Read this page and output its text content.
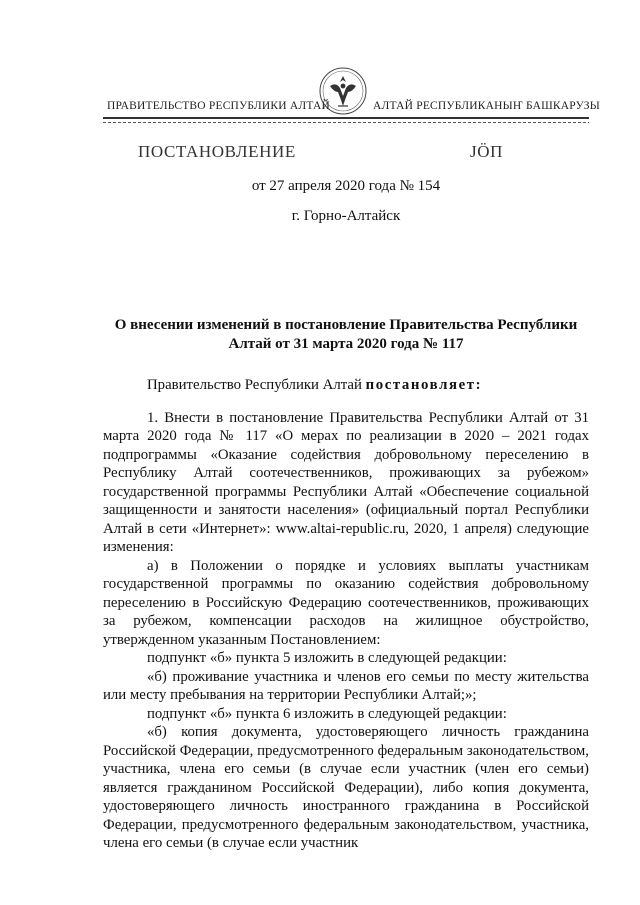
ПРАВИТЕЛЬСТВО РЕСПУБЛИКИ АЛТАЙ	АЛТАЙ РЕСПУБЛИКАНЫҤ БАШКАРУЗЫ
ПОСТАНОВЛЕНИЕ	ЈӦП
от 27 апреля 2020 года № 154
г. Горно-Алтайск
О внесении изменений в постановление Правительства Республики
Алтай от 31 марта 2020 года № 117

Правительство Республики Алтай постановляет:

1. Внести в постановление Правительства Республики Алтай от 31 марта 2020 года № 117 «О мерах по реализации в 2020 – 2021 годах подпрограммы «Оказание содействия добровольному переселению в Республику Алтай соотечественников, проживающих за рубежом» государственной программы Республики Алтай «Обеспечение социальной защищенности и занятости населения» (официальный портал Республики Алтай в сети «Интернет»: www.altai-republic.ru, 2020, 1 апреля) следующие изменения:

а) в Положении о порядке и условиях выплаты участникам государственной программы по оказанию содействия добровольному переселению в Российскую Федерацию соотечественников, проживающих за рубежом, компенсации расходов на жилищное обустройство, утвержденном указанным Постановлением:

подпункт «б» пункта 5 изложить в следующей редакции:

«б) проживание участника и членов его семьи по месту жительства или месту пребывания на территории Республики Алтай;»;

подпункт «б» пункта 6 изложить в следующей редакции:

«б) копия документа, удостоверяющего личность гражданина Российской Федерации, предусмотренного федеральным законодательством, участника, члена его семьи (в случае если участник (член его семьи) является гражданином Российской Федерации), либо копия документа, удостоверяющего личность иностранного гражданина в Российской Федерации, предусмотренного федеральным законодательством, участника, члена его семьи (в случае если участник
